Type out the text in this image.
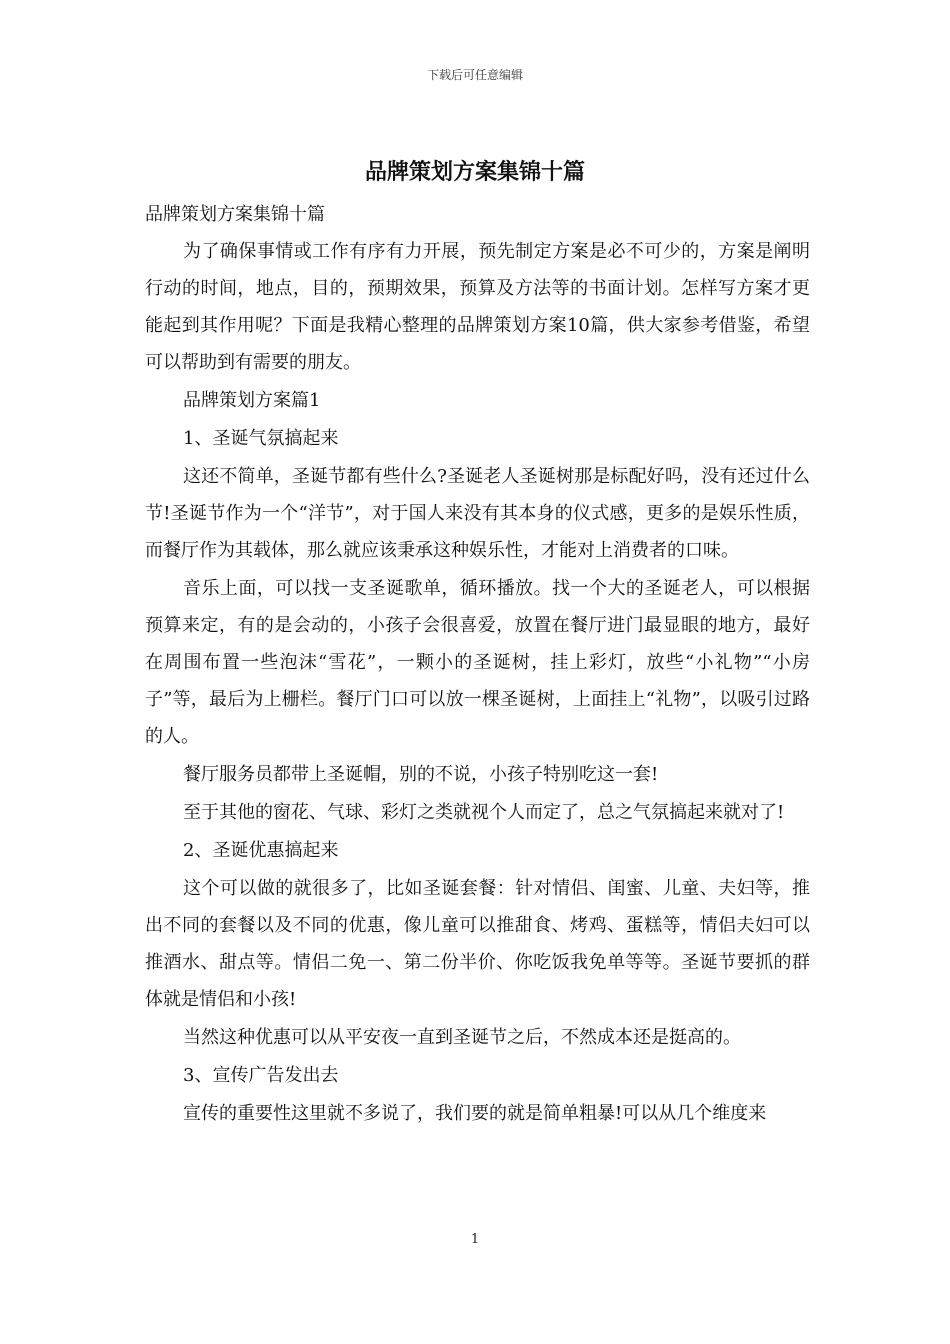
下载后可任意编辑
品牌策划方案集锦十篇

品牌策划方案集锦十篇

为了确保事情或工作有序有力开展，预先制定方案是必不可少的，方案是阐明行动的时间，地点，目的，预期效果，预算及方法等的书面计划。怎样写方案才更能起到其作用呢？下面是我精心整理的品牌策划方案10篇，供大家参考借鉴，希望可以帮助到有需要的朋友。

品牌策划方案篇1

1、圣诞气氛搞起来

这还不简单，圣诞节都有些什么?圣诞老人圣诞树那是标配好吗，没有还过什么节!圣诞节作为一个“洋节”，对于国人来没有其本身的仪式感，更多的是娱乐性质，而餐厅作为其载体，那么就应该秉承这种娱乐性，才能对上消费者的口味。

音乐上面，可以找一支圣诞歌单，循环播放。找一个大的圣诞老人，可以根据预算来定，有的是会动的，小孩子会很喜爱，放置在餐厅进门最显眼的地方，最好在周围布置一些泡沫“雪花”，一颗小的圣诞树，挂上彩灯，放些“小礼物”“小房子”等，最后为上栅栏。餐厅门口可以放一棵圣诞树，上面挂上“礼物”，以吸引过路的人。

餐厅服务员都带上圣诞帽，别的不说，小孩子特别吃这一套!

至于其他的窗花、气球、彩灯之类就视个人而定了，总之气氛搞起来就对了!

2、圣诞优惠搞起来

这个可以做的就很多了，比如圣诞套餐：针对情侣、闺蜜、儿童、夫妇等，推出不同的套餐以及不同的优惠，像儿童可以推甜食、烤鸡、蛋糕等，情侣夫妇可以推酒水、甜点等。情侣二免一、第二份半价、你吃饭我免单等等。圣诞节要抓的群体就是情侣和小孩!

当然这种优惠可以从平安夜一直到圣诞节之后，不然成本还是挺高的。

3、宣传广告发出去

宣传的重要性这里就不多说了，我们要的就是简单粗暴!可以从几个维度来

1
